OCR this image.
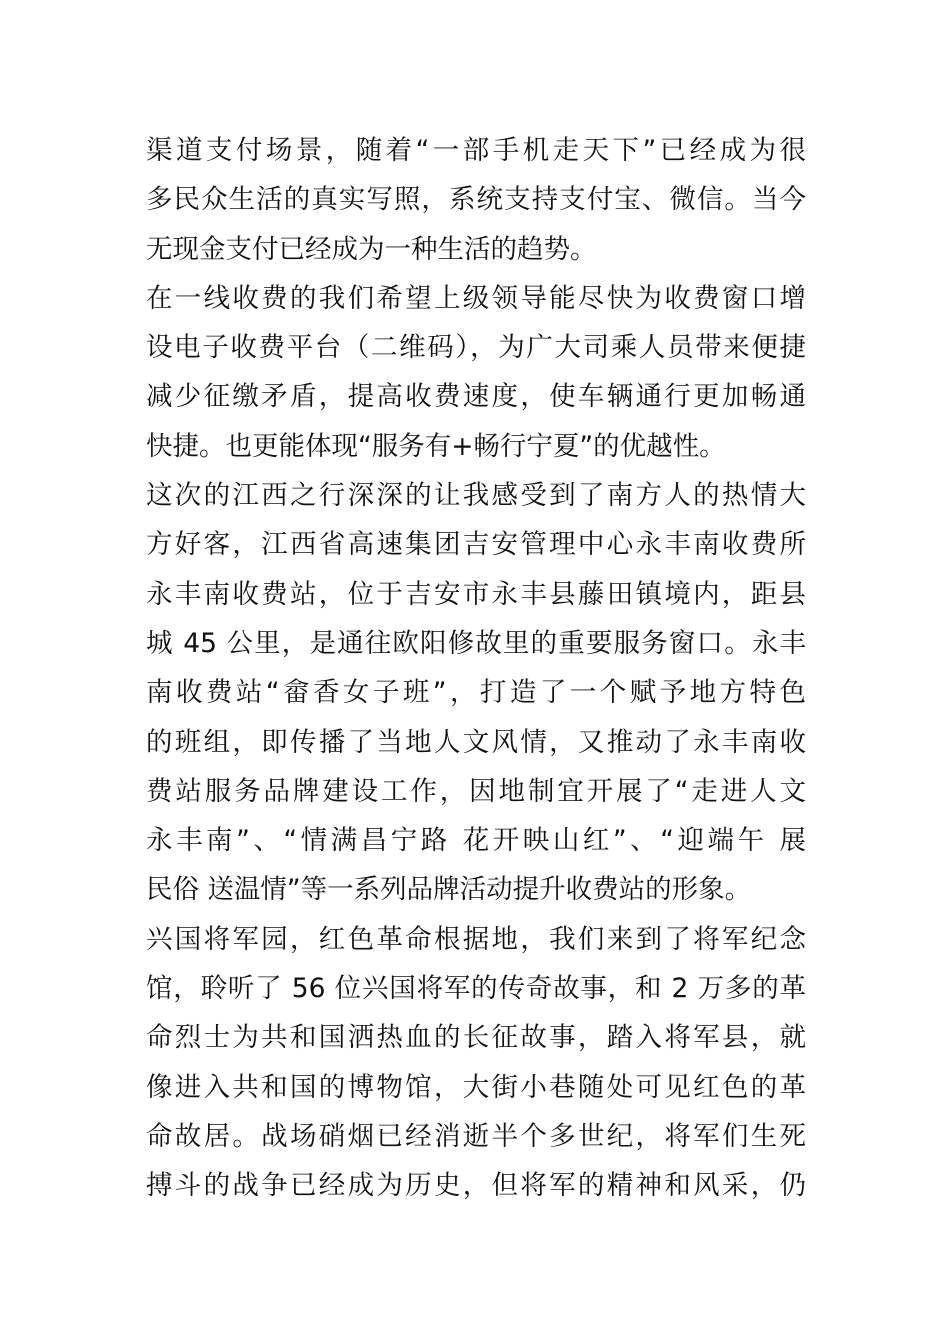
渠道支付场景，随着“一部手机走天下”已经成为很
多民众生活的真实写照，系统支持支付宝、微信。当今
无现金支付已经成为一种生活的趋势。
在一线收费的我们希望上级领导能尽快为收费窗口增
设电子收费平台（二维码），为广大司乘人员带来便捷
减少征缴矛盾，提高收费速度，使车辆通行更加畅通
快捷。也更能体现“服务有+畅行宁夏”的优越性。
这次的江西之行深深的让我感受到了南方人的热情大
方好客，江西省高速集团吉安管理中心永丰南收费所
永丰南收费站，位于吉安市永丰县藤田镇境内，距县
城 45 公里，是通往欧阳修故里的重要服务窗口。永丰
南收费站“畲香女子班”，打造了一个赋予地方特色
的班组，即传播了当地人文风情，又推动了永丰南收
费站服务品牌建设工作，因地制宜开展了“走进人文
永丰南”、“情满昌宁路 花开映山红”、“迎端午 展
民俗 送温情”等一系列品牌活动提升收费站的形象。
兴国将军园，红色革命根据地，我们来到了将军纪念
馆，聆听了 56 位兴国将军的传奇故事，和 2 万多的革
命烈士为共和国洒热血的长征故事，踏入将军县，就
像进入共和国的博物馆，大街小巷随处可见红色的革
命故居。战场硝烟已经消逝半个多世纪，将军们生死
搏斗的战争已经成为历史，但将军的精神和风采，仍
